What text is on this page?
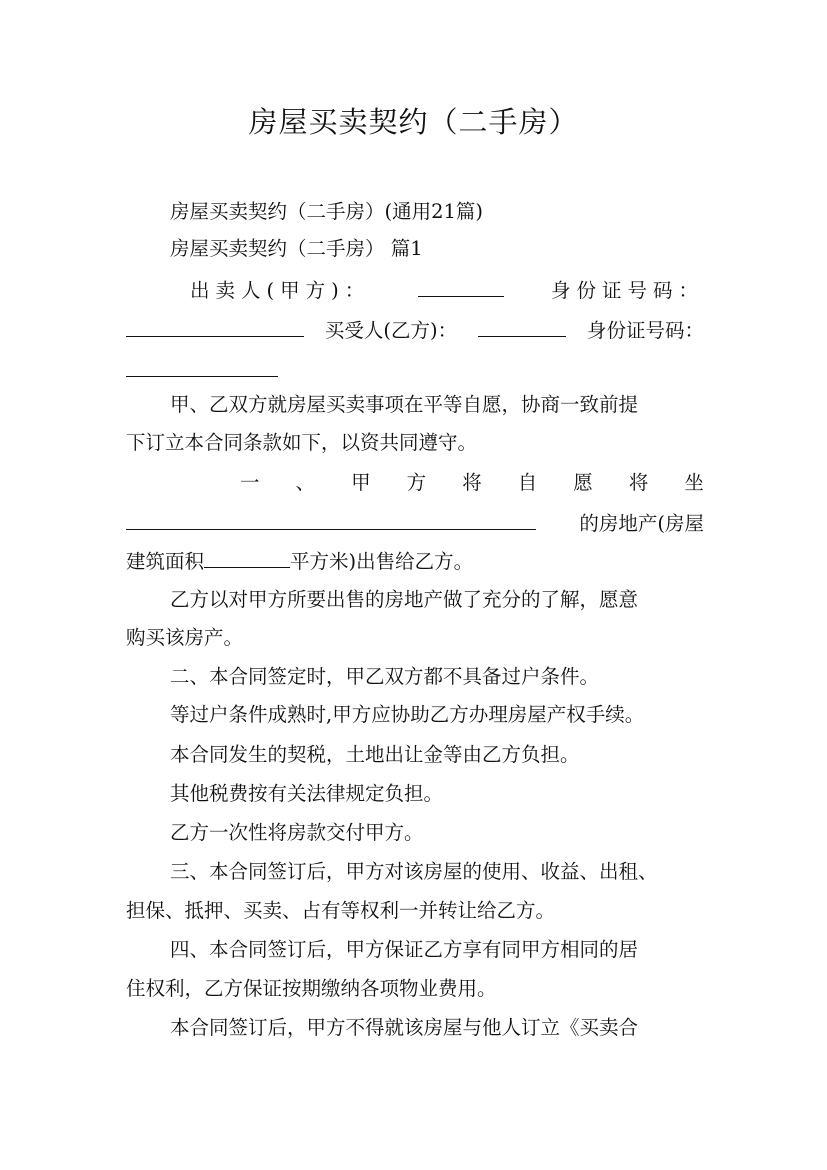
房屋买卖契约（二手房）
房屋买卖契约（二手房）(通用21篇)
房屋买卖契约（二手房） 篇1
出卖人(甲方)：	身份证号码：
买受人(乙方)：	身份证号码：
甲、乙双方就房屋买卖事项在平等自愿，协商一致前提
下订立本合同条款如下，以资共同遵守。
一 、 甲 方 将 自 愿 将 坐
的房地产(房屋
建筑面积	平方米)出售给乙方。
乙方以对甲方所要出售的房地产做了充分的了解，愿意
购买该房产。
二、本合同签定时，甲乙双方都不具备过户条件。
等过户条件成熟时,甲方应协助乙方办理房屋产权手续。
本合同发生的契税，土地出让金等由乙方负担。
其他税费按有关法律规定负担。
乙方一次性将房款交付甲方。
三、本合同签订后，甲方对该房屋的使用、收益、出租、
担保、抵押、买卖、占有等权利一并转让给乙方。
四、本合同签订后，甲方保证乙方享有同甲方相同的居
住权利，乙方保证按期缴纳各项物业费用。
本合同签订后，甲方不得就该房屋与他人订立《买卖合
